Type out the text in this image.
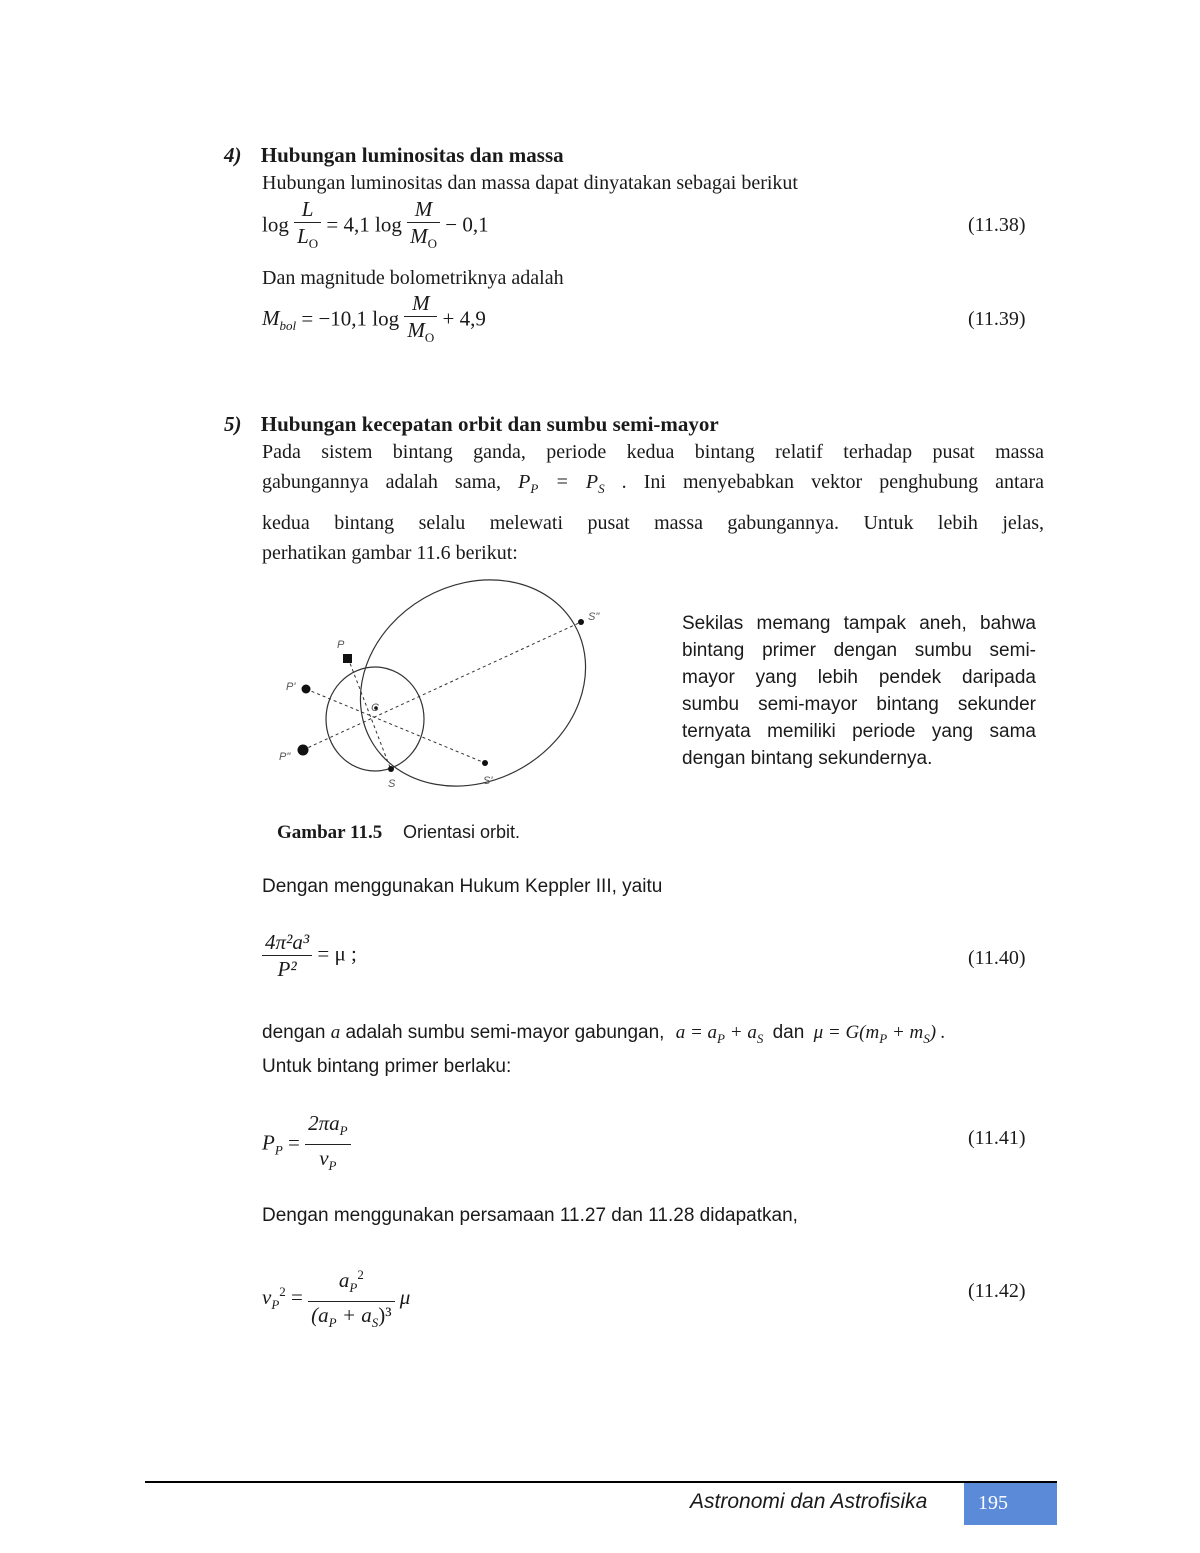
4) Hubungan luminositas dan massa
Hubungan luminositas dan massa dapat dinyatakan sebagai berikut
$\log \frac{L}{L_O} = 4,1$ $\log \frac{M}{M_O} - 0,1$	(11.38)
Dan magnitude bolometriknya adalah
$M_{bol} = -10,1$ $\log \frac{M}{M_O} + 4,9$	(11.39)
5) Hubungan kecepatan orbit dan sumbu semi-mayor
Pada sistem bintang ganda, periode kedua bintang relatif terhadap pusat massa
gabungannya adalah sama, $P_P = P_S$ . Ini menyebabkan vektor penghubung antara
kedua bintang selalu melewati pusat massa gabungannya. Untuk lebih jelas,
perhatikan gambar 11.6 berikut:
P
P'
P"
S	S'
S"
C
Sekilas memang tampak aneh, bahwa
bintang primer dengan sumbu semi-
mayor yang lebih pendek daripada
sumbu semi-mayor bintang sekunder
ternyata memiliki periode yang sama
dengan bintang sekundernya.
Gambar 11.5 Orientasi orbit.
Dengan menggunakan Hukum Keppler III, yaitu
$\frac{\text{4π²a³}}{\text{P²}} = \mu$ ;	(11.40)
dengan a adalah sumbu semi-mayor gabungan, $a = a_P + a_S$ dan $\mu = G(m_P + m_S)$ .
Untuk bintang primer berlaku:
$P_P = \frac{2\pi a_P}{v_P}$	(11.41)
Dengan menggunakan persamaan 11.27 dan 11.28 didapatkan,
$v_P^2 = \frac{a_P^2}{(a_P + a_S)^3}$ μ	(11.42)
Astronomi dan Astrofisika	195
